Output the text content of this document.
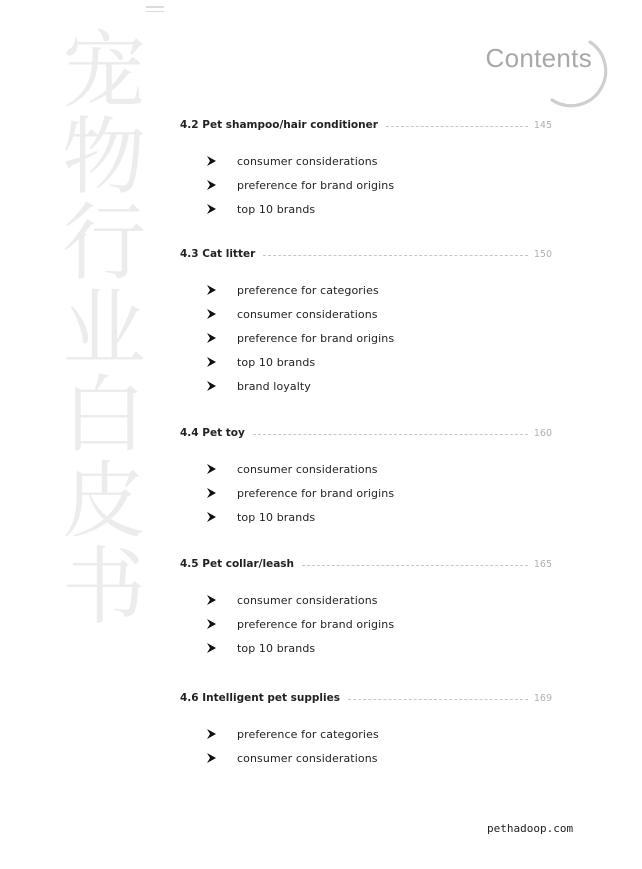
宠
物
行
业
白
皮
书
Contents
4.2 Pet shampoo/hair conditioner	145
consumer considerations
preference for brand origins
top 10 brands
4.3 Cat litter	150
preference for categories
consumer considerations
preference for brand origins
top 10 brands
brand loyalty
4.4 Pet toy	160
consumer considerations
preference for brand origins
top 10 brands
4.5 Pet collar/leash	165
consumer considerations
preference for brand origins
top 10 brands
4.6 Intelligent pet supplies	169
preference for categories
consumer considerations
pethadoop.com
